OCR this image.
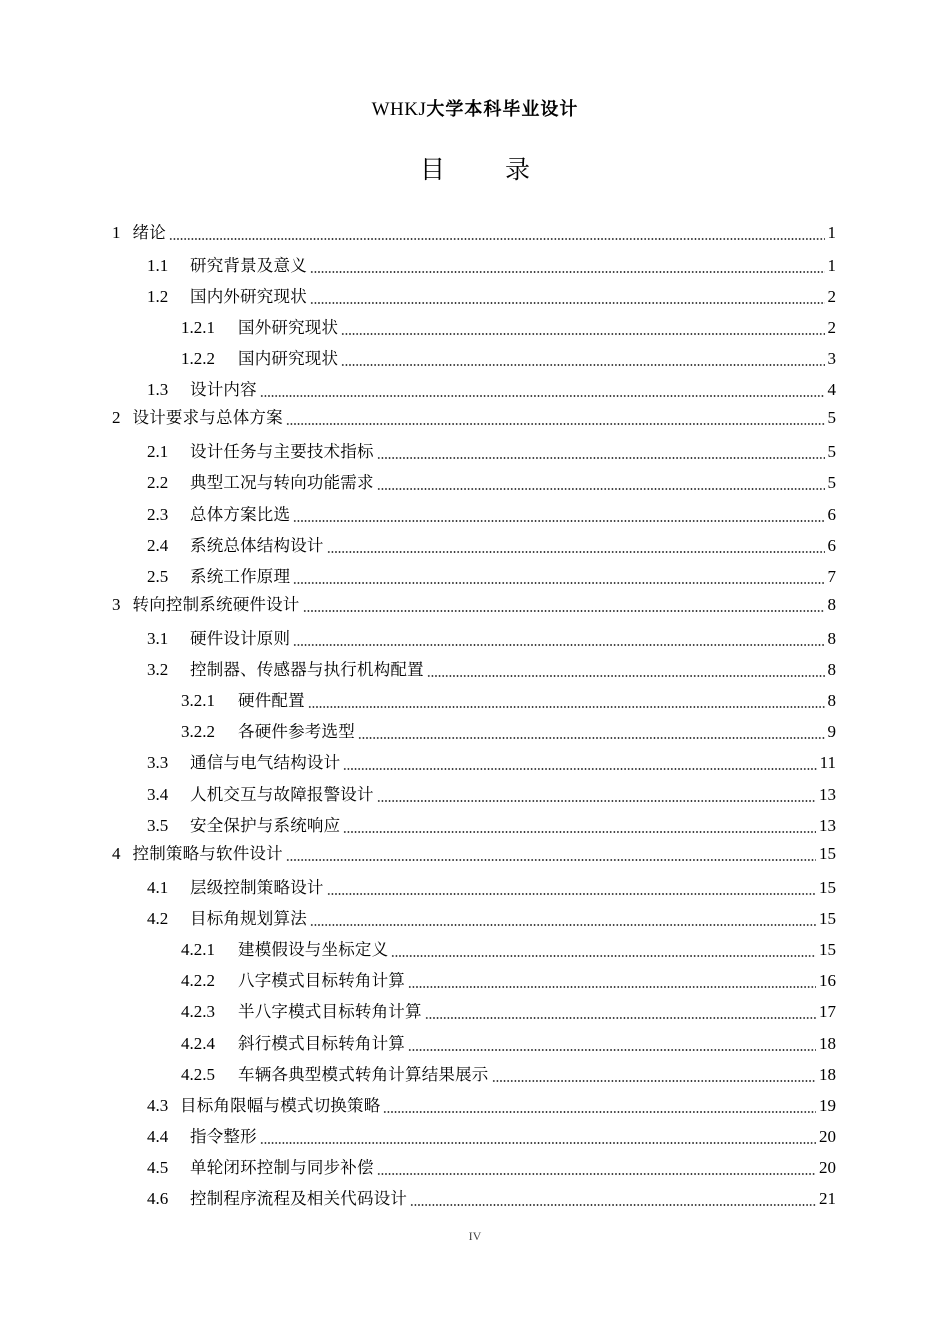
WHKJ大学本科毕业设计
目 录
1 绪论	1
1.1	研究背景及意义	1
1.2	国内外研究现状	2
1.2.1	国外研究现状	2
1.2.2	国内研究现状	3
1.3	设计内容	4
2 设计要求与总体方案	5
2.1	设计任务与主要技术指标	5
2.2	典型工况与转向功能需求	5
2.3	总体方案比选	6
2.4	系统总体结构设计	6
2.5	系统工作原理	7
3 转向控制系统硬件设计	8
3.1	硬件设计原则	8
3.2	控制器、传感器与执行机构配置	8
3.2.1	硬件配置	8
3.2.2	各硬件参考选型	9
3.3	通信与电气结构设计	11
3.4	人机交互与故障报警设计	13
3.5	安全保护与系统响应	13
4 控制策略与软件设计	15
4.1	层级控制策略设计	15
4.2	目标角规划算法	15
4.2.1	建模假设与坐标定义	15
4.2.2	八字模式目标转角计算	16
4.2.3	半八字模式目标转角计算	17
4.2.4	斜行模式目标转角计算	18
4.2.5	车辆各典型模式转角计算结果展示	18
4.3 目标角限幅与模式切换策略	19
4.4	指令整形	20
4.5	单轮闭环控制与同步补偿	20
4.6	控制程序流程及相关代码设计	21
IV
